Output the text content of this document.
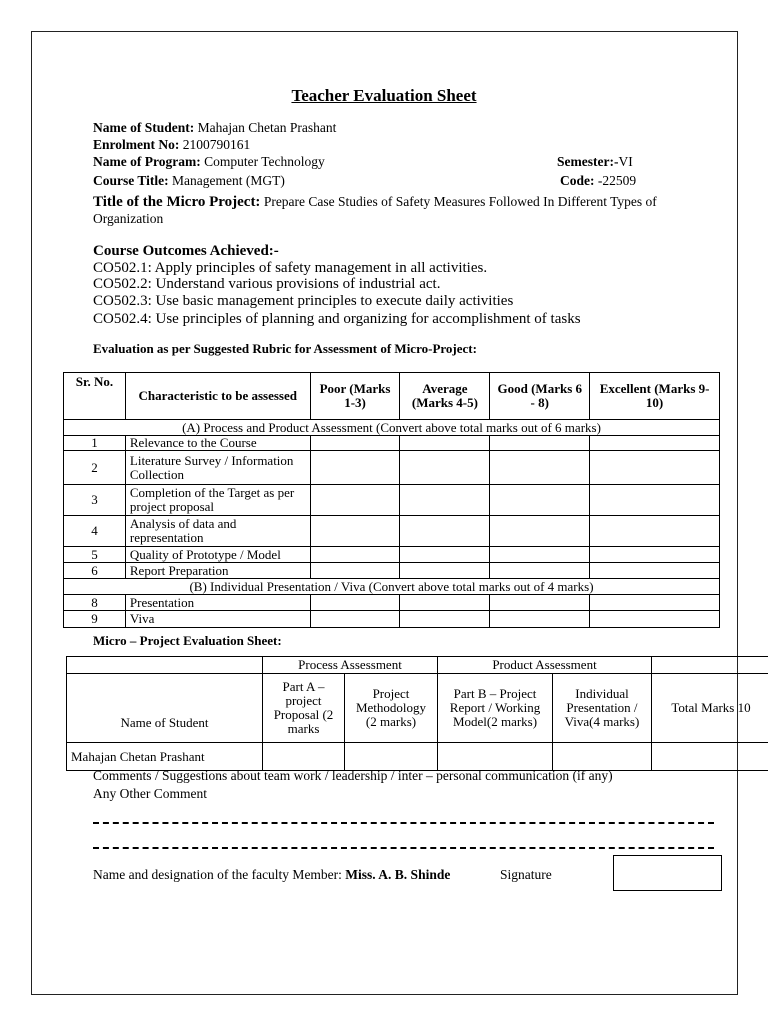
Teacher Evaluation Sheet
Name of Student: Mahajan Chetan Prashant
Enrolment No: 2100790161
Name of Program: Computer Technology	Semester:-VI
Course Title: Management (MGT)	Code: -22509
Title of the Micro Project: Prepare Case Studies of Safety Measures Followed In Different Types of
Organization
Course Outcomes Achieved:-
CO502.1: Apply principles of safety management in all activities.
CO502.2: Understand various provisions of industrial act.
CO502.3: Use basic management principles to execute daily activities
CO502.4: Use principles of planning and organizing for accomplishment of tasks
Evaluation as per Suggested Rubric for Assessment of Micro-Project:
Sr. No.	Characteristic to be assessed	Poor (Marks 1-3)	Average (Marks 4-5)	Good (Marks 6 - 8)	Excellent (Marks 9-10)
(A) Process and Product Assessment (Convert above total marks out of 6 marks)					
1	Relevance to the Course				
2	Literature Survey / Information Collection				
3	Completion of the Target as per project proposal				
4	Analysis of data and representation				
5	Quality of Prototype / Model				
6	Report Preparation				
(B) Individual Presentation / Viva (Convert above total marks out of 4 marks)					
8	Presentation				
9	Viva				
Micro – Project Evaluation Sheet:
	Process Assessment		Product Assessment		
Name of Student	Part A – project Proposal (2 marks	Project Methodology (2 marks)	Part B – Project Report / Working Model(2 marks)	Individual Presentation / Viva(4 marks)	Total Marks 10
Mahajan Chetan Prashant					
Comments / Suggestions about team work / leadership / inter – personal communication (if any)
Any Other Comment
Name and designation of the faculty Member: Miss. A. B. Shinde	Signature
